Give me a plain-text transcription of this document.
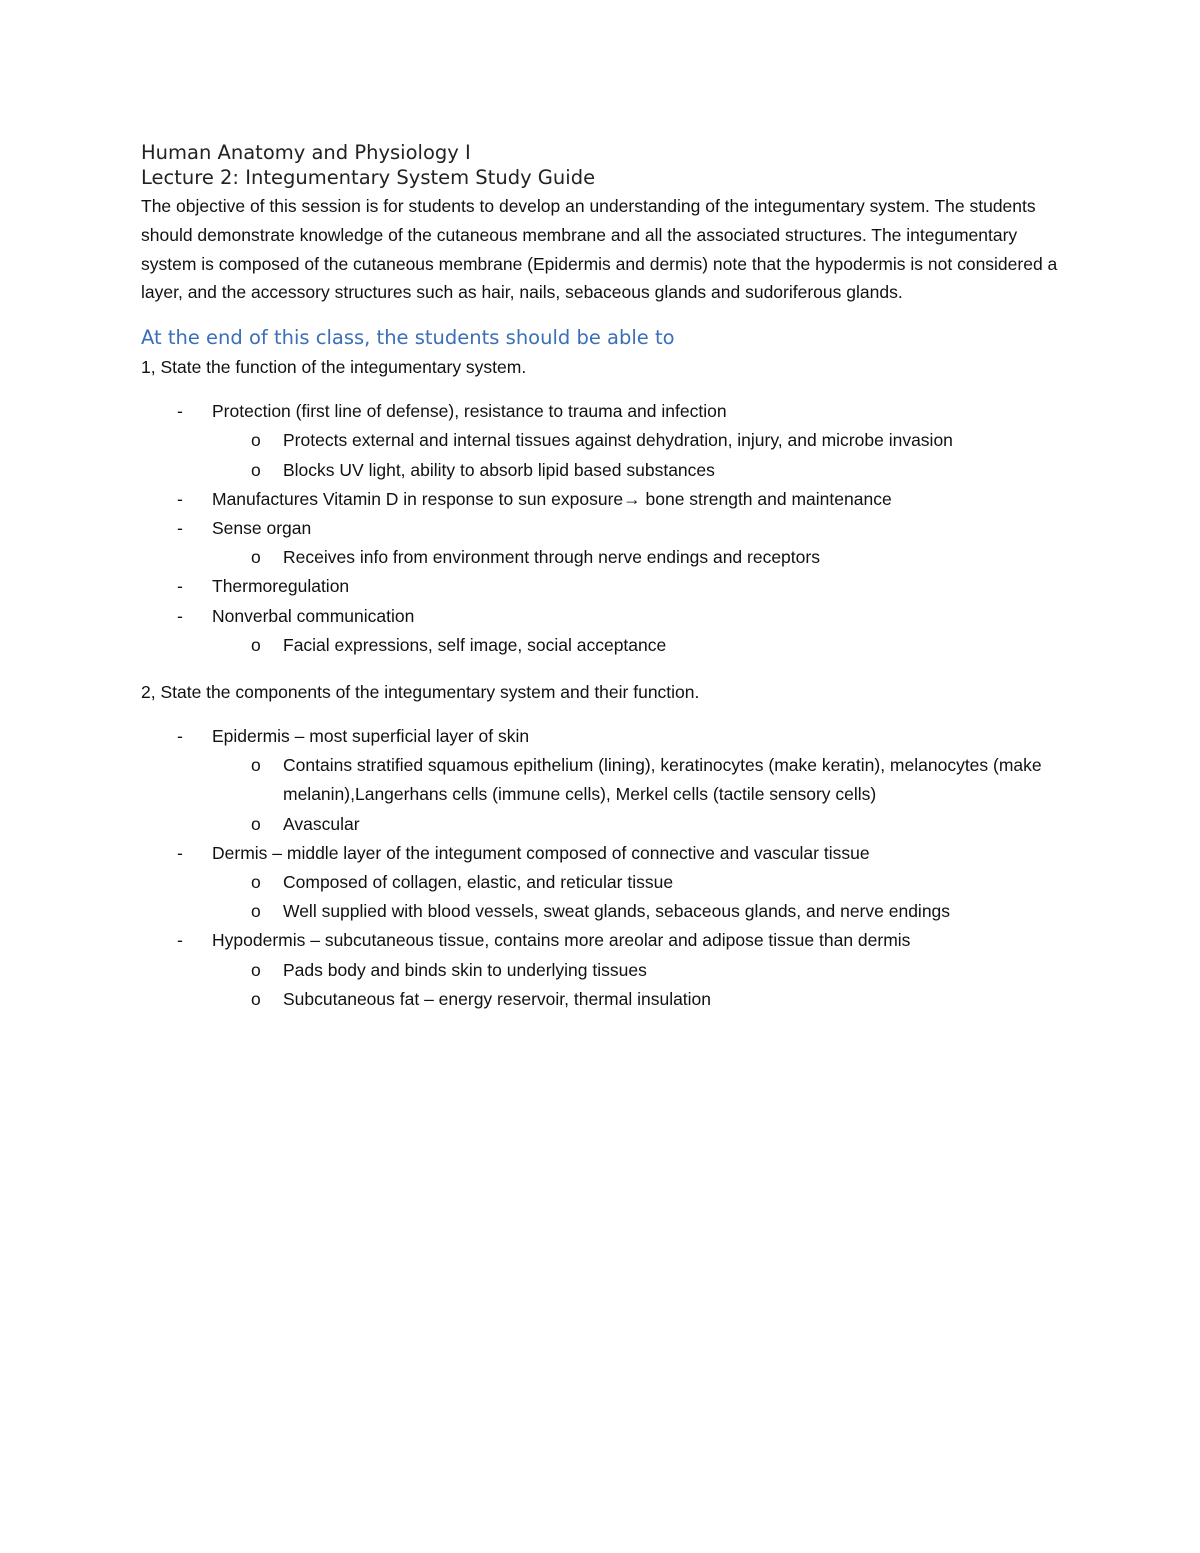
Human Anatomy and Physiology I
Lecture 2: Integumentary System Study Guide

The objective of this session is for students to develop an understanding of the integumentary system. The students should demonstrate knowledge of the cutaneous membrane and all the associated structures. The integumentary system is composed of the cutaneous membrane (Epidermis and dermis) note that the hypodermis is not considered a layer, and the accessory structures such as hair, nails, sebaceous glands and sudoriferous glands.

At the end of this class, the students should be able to
1, State the function of the integumentary system.
- Protection (first line of defense), resistance to trauma and infection
o Protects external and internal tissues against dehydration, injury, and microbe invasion
o Blocks UV light, ability to absorb lipid based substances
- Manufactures Vitamin D in response to sun exposure→ bone strength and maintenance
- Sense organ
o Receives info from environment through nerve endings and receptors
- Thermoregulation
- Nonverbal communication
o Facial expressions, self image, social acceptance
2, State the components of the integumentary system and their function.
- Epidermis – most superficial layer of skin
o Contains stratified squamous epithelium (lining), keratinocytes (make keratin), melanocytes (make melanin),Langerhans cells (immune cells), Merkel cells (tactile sensory cells)
o Avascular
- Dermis – middle layer of the integument composed of connective and vascular tissue
o Composed of collagen, elastic, and reticular tissue
o Well supplied with blood vessels, sweat glands, sebaceous glands, and nerve endings
- Hypodermis – subcutaneous tissue, contains more areolar and adipose tissue than dermis
o Pads body and binds skin to underlying tissues
o Subcutaneous fat – energy reservoir, thermal insulation
